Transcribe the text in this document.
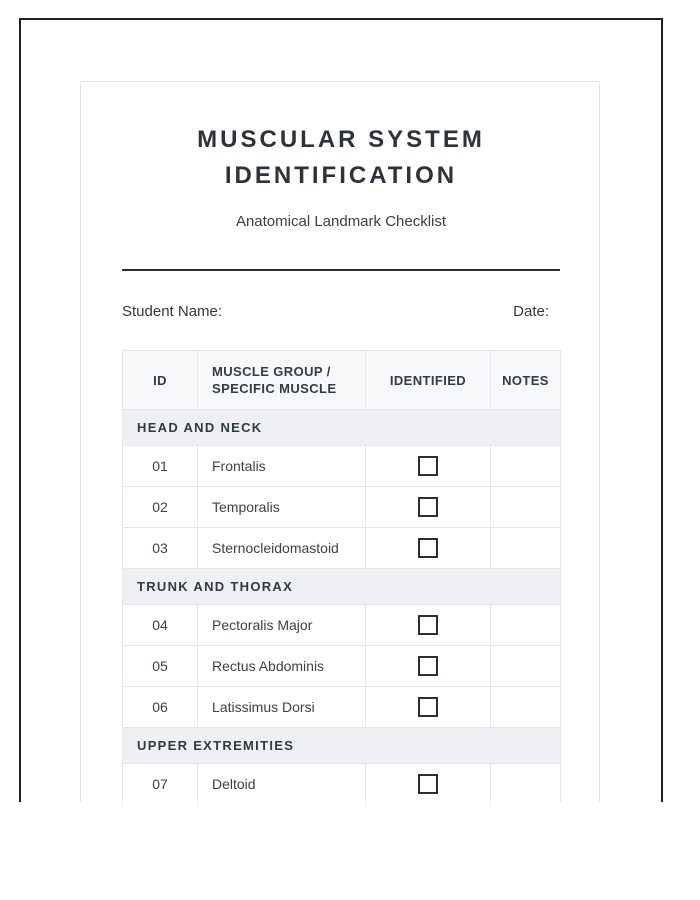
MUSCULAR SYSTEM IDENTIFICATION
Anatomical Landmark Checklist
Student Name:	Date:
ID	MUSCLE GROUP / SPECIFIC MUSCLE	IDENTIFIED	NOTES
HEAD AND NECK			
01	Frontalis		
02	Temporalis		
03	Sternocleidomastoid		
TRUNK AND THORAX			
04	Pectoralis Major		
05	Rectus Abdominis		
06	Latissimus Dorsi		
UPPER EXTREMITIES			
07	Deltoid		
